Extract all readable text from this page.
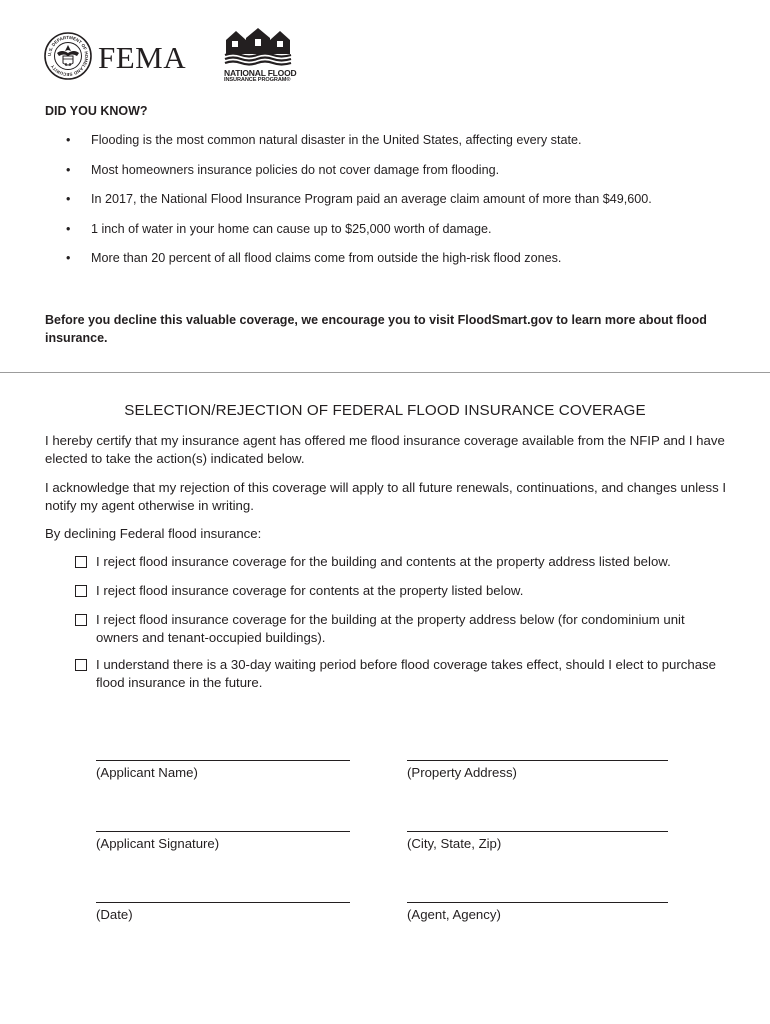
U.S. DEPARTMENT OF HOMELAND SECURITY	FEMA	NATIONAL FLOOD
INSURANCE PROGRAM®
DID YOU KNOW?
• Flooding is the most common natural disaster in the United States, affecting every state.
• Most homeowners insurance policies do not cover damage from flooding.
• In 2017, the National Flood Insurance Program paid an average claim amount of more than $49,600.
• 1 inch of water in your home can cause up to $25,000 worth of damage.
• More than 20 percent of all flood claims come from outside the high-risk flood zones.
Before you decline this valuable coverage, we encourage you to visit FloodSmart.gov to learn more about flood insurance.
SELECTION/REJECTION OF FEDERAL FLOOD INSURANCE COVERAGE
I hereby certify that my insurance agent has offered me flood insurance coverage available from the NFIP and I have elected to take the action(s) indicated below.
I acknowledge that my rejection of this coverage will apply to all future renewals, continuations, and changes unless I notify my agent otherwise in writing.
By declining Federal flood insurance:
I reject flood insurance coverage for the building and contents at the property address listed below.
I reject flood insurance coverage for contents at the property listed below.
I reject flood insurance coverage for the building at the property address below (for condominium unit owners and tenant-occupied buildings).
I understand there is a 30-day waiting period before flood coverage takes effect, should I elect to purchase flood insurance in the future.
(Applicant Name)	(Property Address)
(Applicant Signature)	(City, State, Zip)
(Date)	(Agent, Agency)
